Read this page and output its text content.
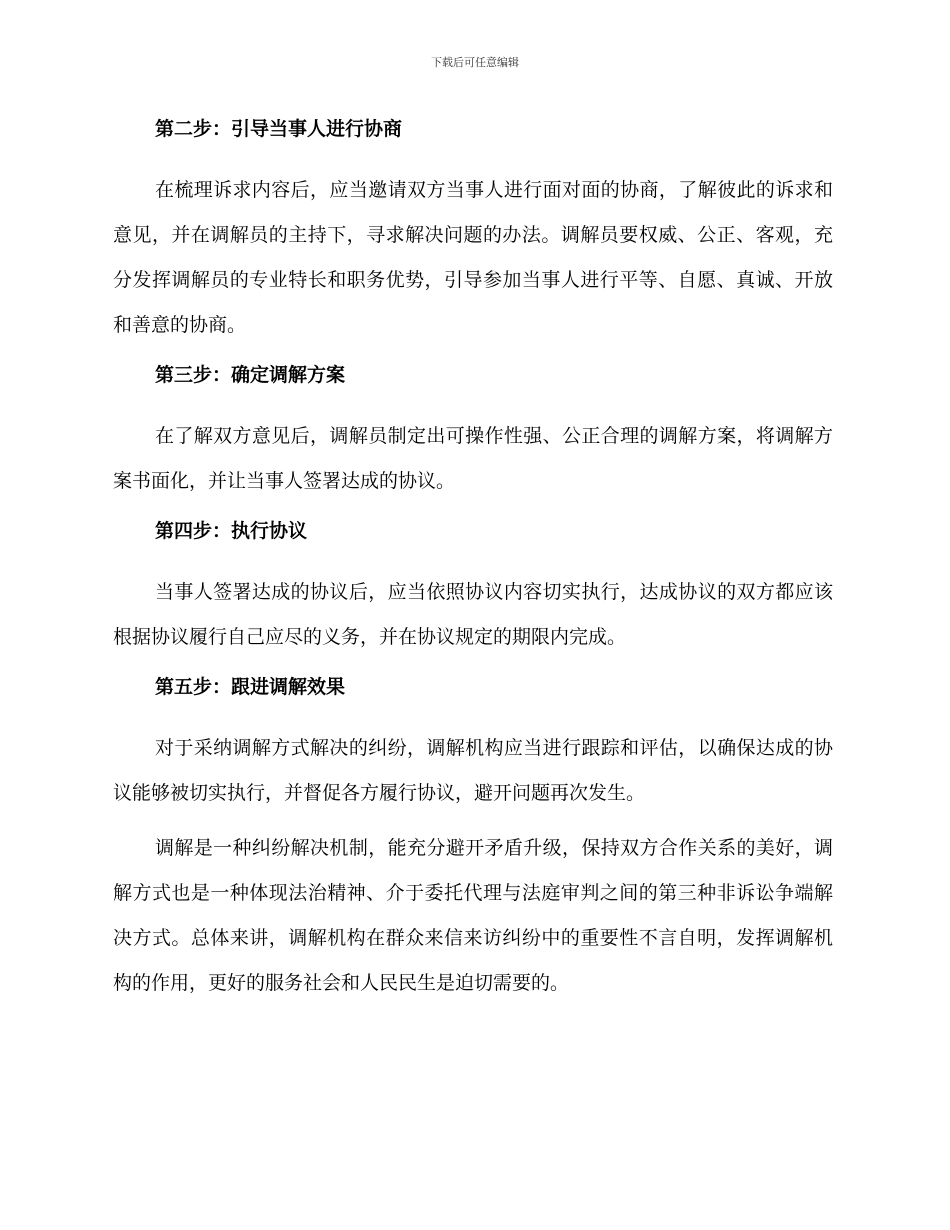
下载后可任意编辑
第二步：引导当事人进行协商

在梳理诉求内容后，应当邀请双方当事人进行面对面的协商，了解彼此的诉求和意见，并在调解员的主持下，寻求解决问题的办法。调解员要权威、公正、客观，充分发挥调解员的专业特长和职务优势，引导参加当事人进行平等、自愿、真诚、开放和善意的协商。

第三步：确定调解方案

在了解双方意见后，调解员制定出可操作性强、公正合理的调解方案，将调解方案书面化，并让当事人签署达成的协议。

第四步：执行协议

当事人签署达成的协议后，应当依照协议内容切实执行，达成协议的双方都应该根据协议履行自己应尽的义务，并在协议规定的期限内完成。

第五步：跟进调解效果

对于采纳调解方式解决的纠纷，调解机构应当进行跟踪和评估，以确保达成的协议能够被切实执行，并督促各方履行协议，避开问题再次发生。

调解是一种纠纷解决机制，能充分避开矛盾升级，保持双方合作关系的美好，调解方式也是一种体现法治精神、介于委托代理与法庭审判之间的第三种非诉讼争端解决方式。总体来讲，调解机构在群众来信来访纠纷中的重要性不言自明，发挥调解机构的作用，更好的服务社会和人民民生是迫切需要的。
